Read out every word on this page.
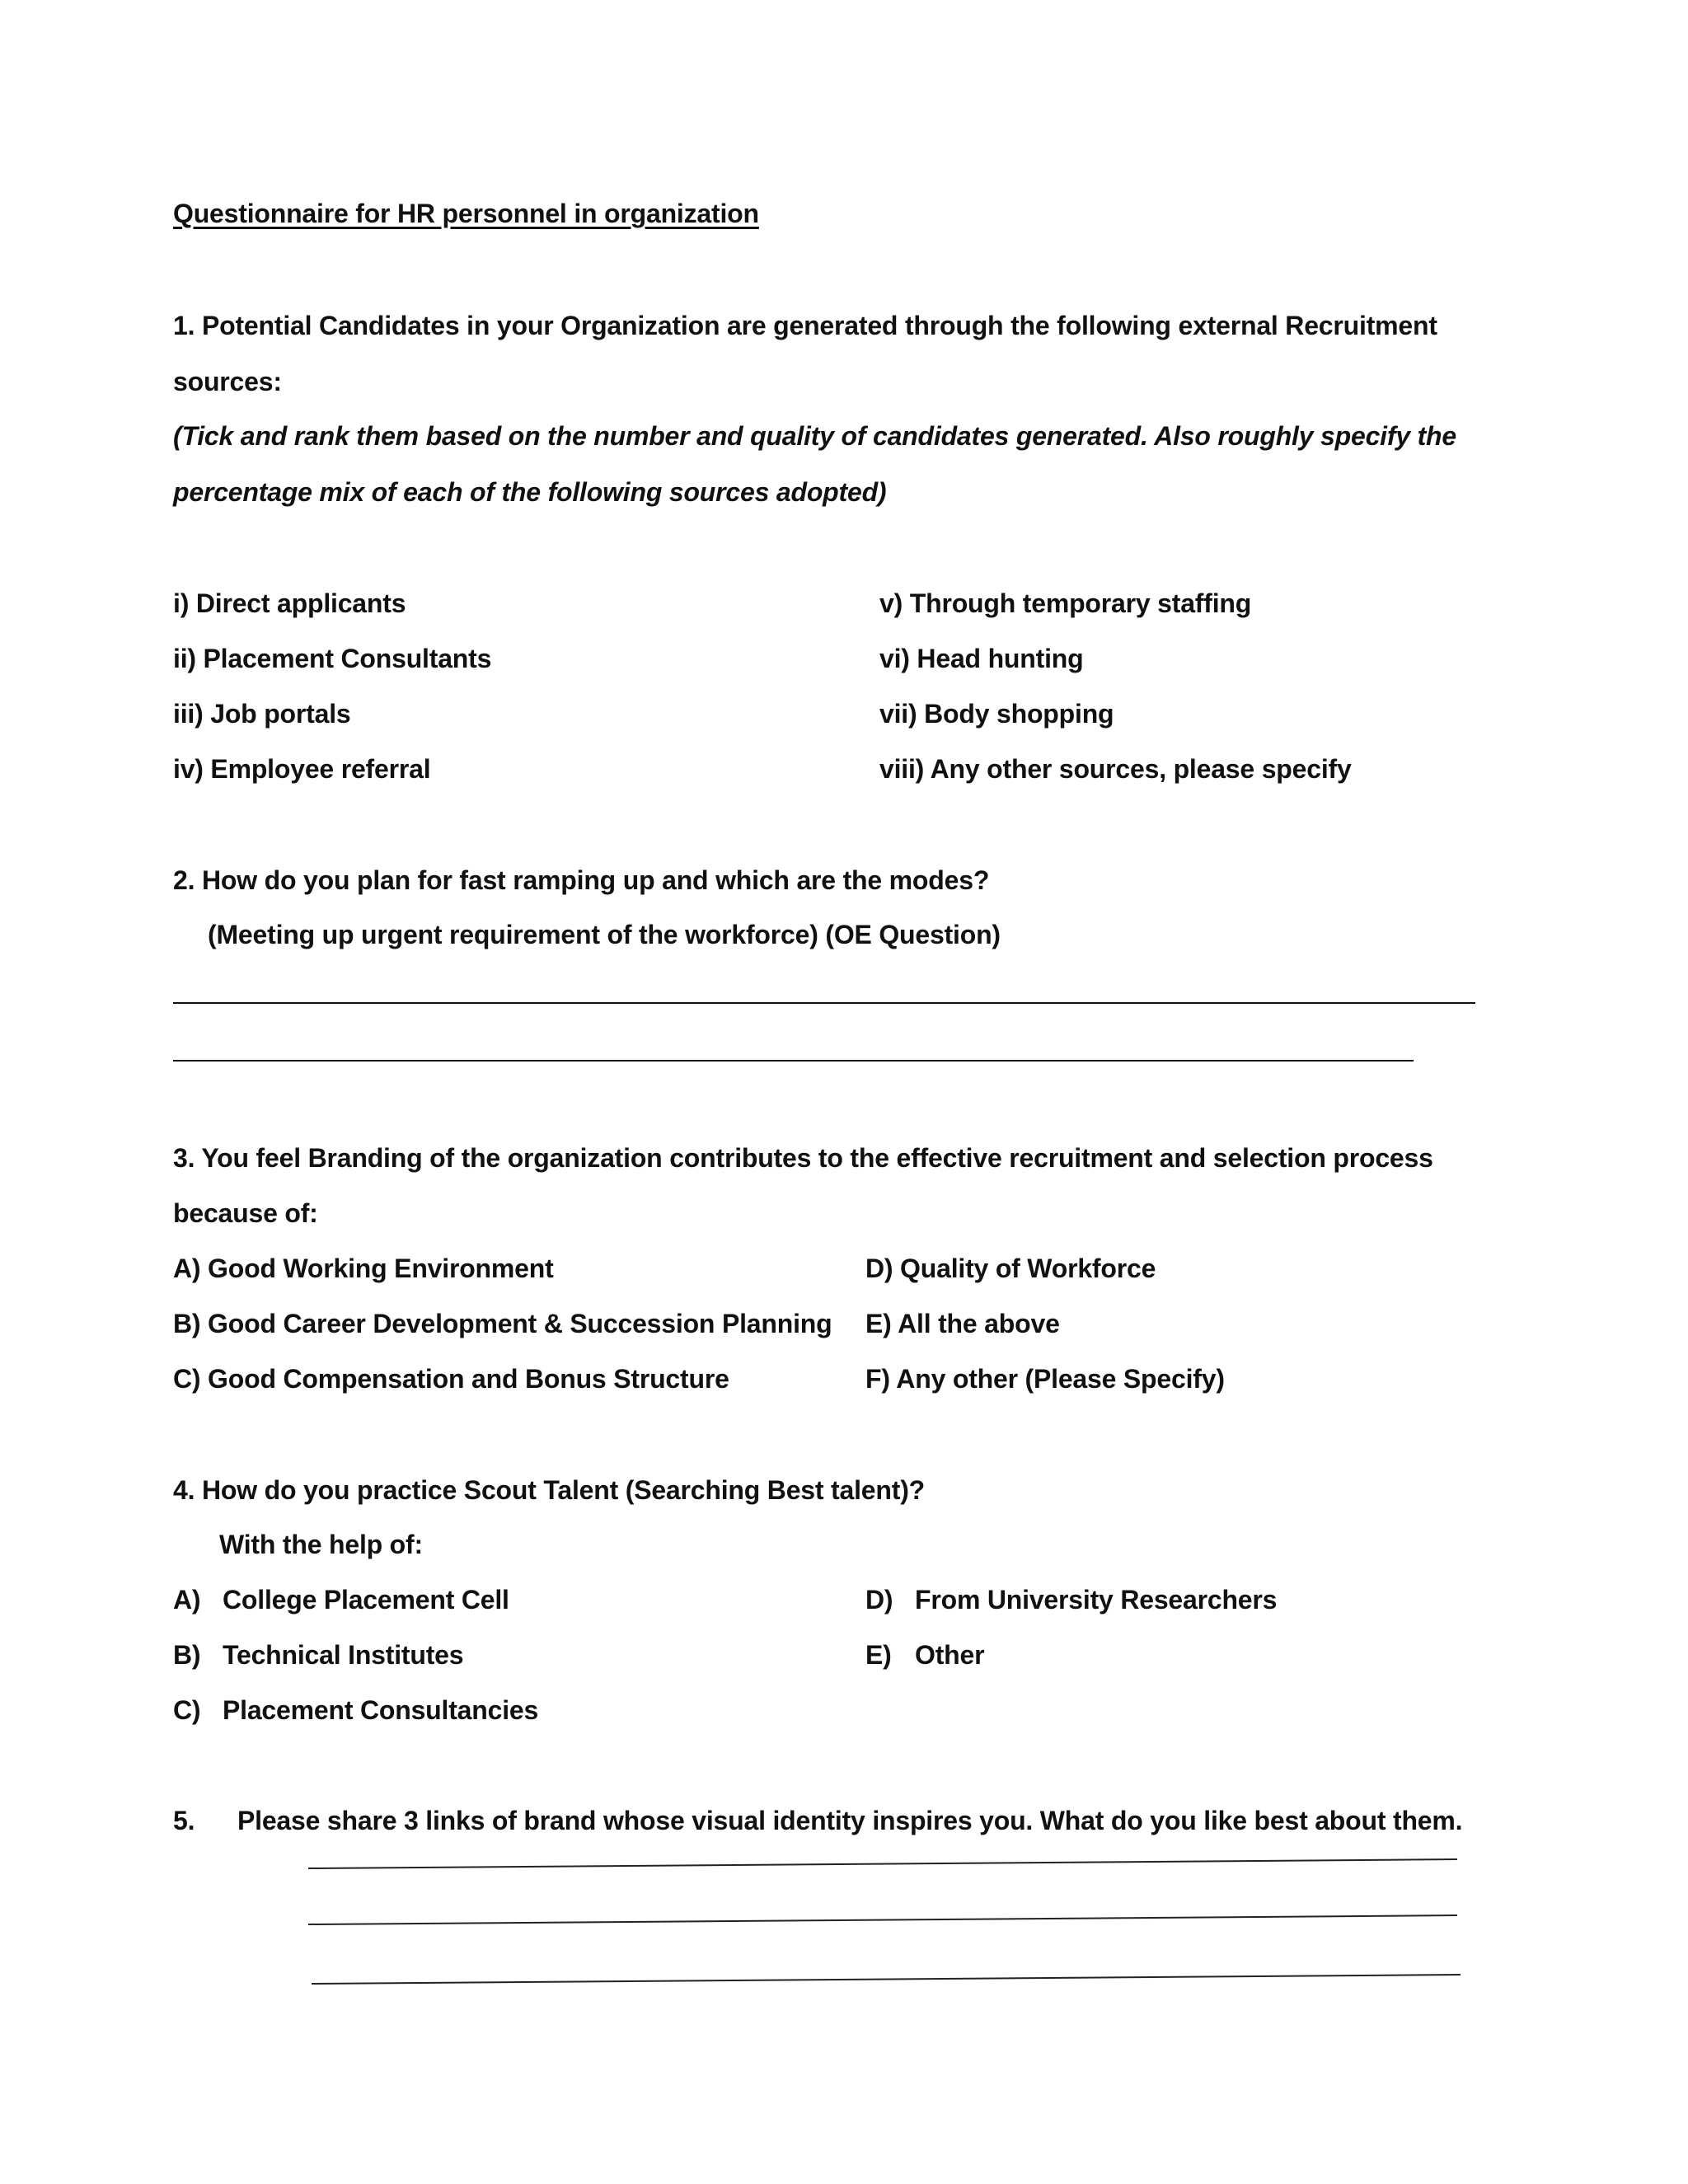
Questionnaire for HR personnel in organization
1. Potential Candidates in your Organization are generated through the following external Recruitment
sources:
(Tick and rank them based on the number and quality of candidates generated. Also roughly specify the
percentage mix of each of the following sources adopted)
i) Direct applicants
ii) Placement Consultants
iii) Job portals
iv) Employee referral
v) Through temporary staffing
vi) Head hunting
vii) Body shopping
viii) Any other sources, please specify
2. How do you plan for fast ramping up and which are the modes?
(Meeting up urgent requirement of the workforce) (OE Question)
3. You feel Branding of the organization contributes to the effective recruitment and selection process
because of:
A) Good Working Environment
B) Good Career Development & Succession Planning
C) Good Compensation and Bonus Structure
D) Quality of Workforce
E) All the above
F) Any other (Please Specify)
4. How do you practice Scout Talent (Searching Best talent)?
With the help of:
A) College Placement Cell
B) Technical Institutes
C) Placement Consultancies
D) From University Researchers
E) Other
5. Please share 3 links of brand whose visual identity inspires you. What do you like best about them.
